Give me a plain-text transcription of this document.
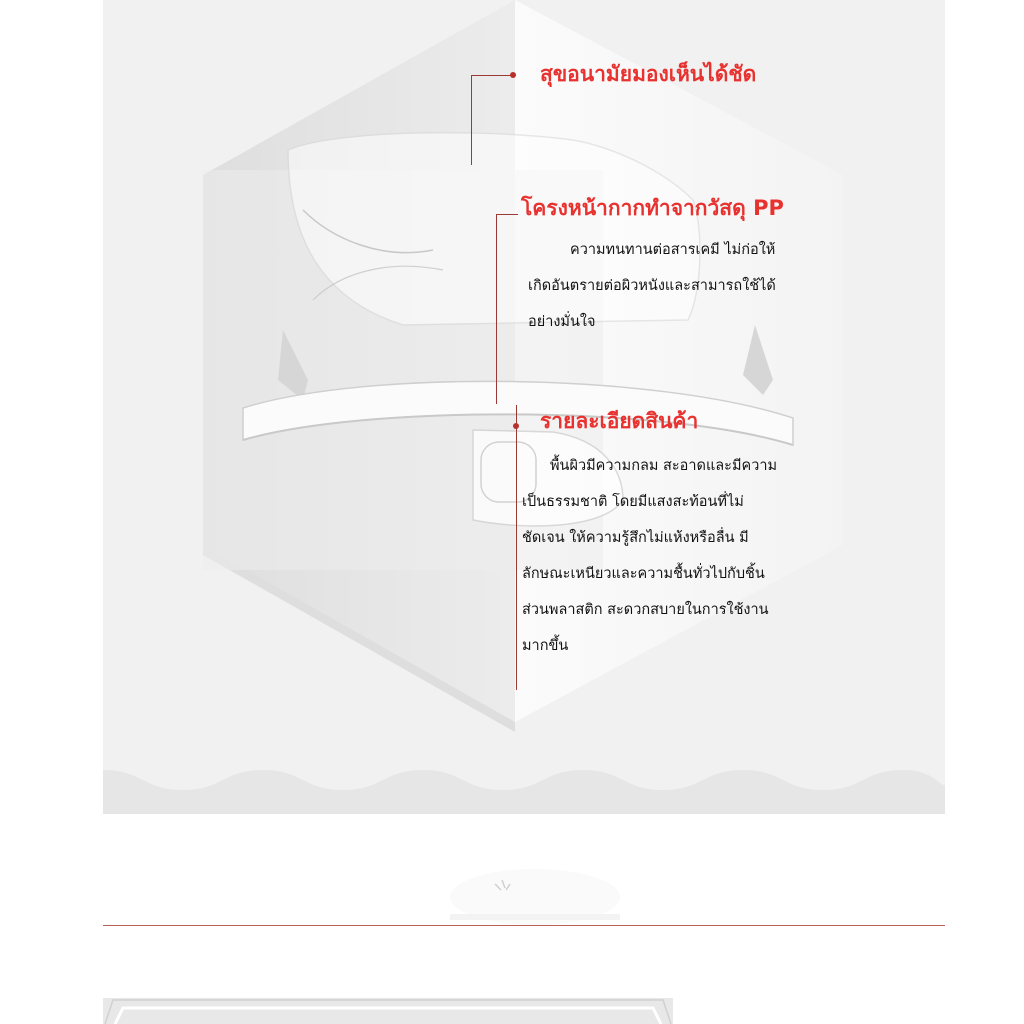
สุขอนามัยมองเห็นได้ชัด
โครงหน้ากากทำจากวัสดุ PP

ความทนทานต่อสารเคมี ไม่ก่อให้

เกิดอันตรายต่อผิวหนังและสามารถใช้ได้

อย่างมั่นใจ

รายละเอียดสินค้า

พื้นผิวมีความกลม สะอาดและมีความ

เป็นธรรมชาติ โดยมีแสงสะท้อนที่ไม่

ชัดเจน ให้ความรู้สึกไม่แห้งหรือลื่น มี

ลักษณะเหนียวและความชื้นทั่วไปกับชิ้น

ส่วนพลาสติก สะดวกสบายในการใช้งาน

มากขึ้น
